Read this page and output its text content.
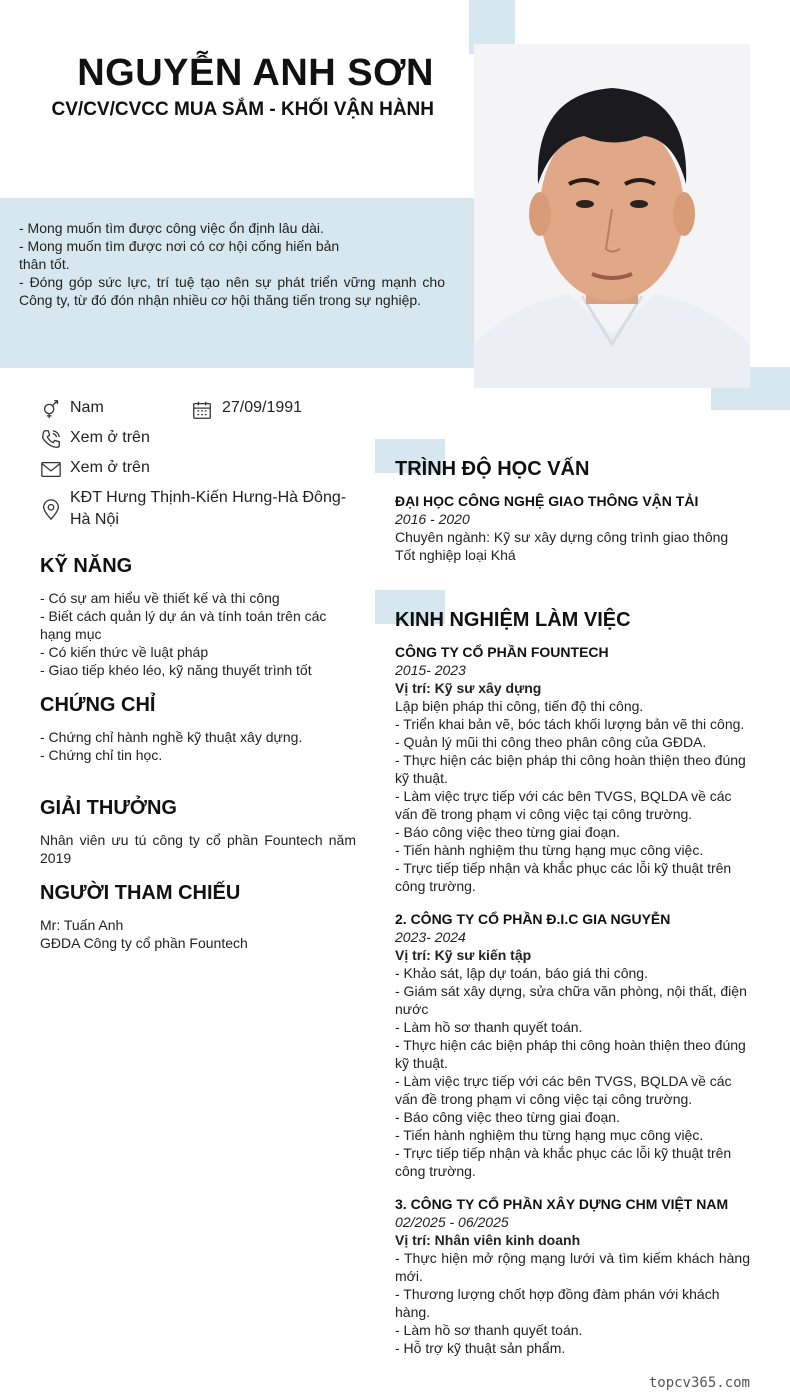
NGUYỄN ANH SƠN
CV/CV/CVCC MUA SẮM - KHỐI VẬN HÀNH

- Mong muốn tìm được công việc ổn định lâu dài.

- Mong muốn tìm được nơi có cơ hội cống hiến bản thân tốt.

- Đóng góp sức lực, trí tuệ tạo nên sự phát triển vững mạnh cho Công ty, từ đó đón nhận nhiều cơ hội thăng tiến trong sự nghiệp.

Nam	27/09/1991
Xem ở trên
Xem ở trên
KĐT Hưng Thịnh-Kiến Hưng-Hà Đông-Hà Nội
KỸ NĂNG
- Có sự am hiểu về thiết kế và thi công
- Biết cách quản lý dự án và tính toán trên các hạng mục
- Có kiến thức về luật pháp
- Giao tiếp khéo léo, kỹ năng thuyết trình tốt
CHỨNG CHỈ
- Chứng chỉ hành nghề kỹ thuật xây dựng.
- Chứng chỉ tin học.
GIẢI THƯỞNG
Nhân viên ưu tú công ty cổ phần Fountech năm 2019
NGƯỜI THAM CHIẾU
Mr: Tuấn Anh
GĐDA Công ty cổ phần Fountech
TRÌNH ĐỘ HỌC VẤN
ĐẠI HỌC CÔNG NGHỆ GIAO THÔNG VẬN TẢI
2016 - 2020
Chuyên ngành: Kỹ sư xây dựng công trình giao thông
Tốt nghiệp loại Khá
KINH NGHIỆM LÀM VIỆC
CÔNG TY CỔ PHẦN FOUNTECH
2015- 2023
Vị trí: Kỹ sư xây dựng
Lập biện pháp thi công, tiến độ thi công.
- Triển khai bản vẽ, bóc tách khối lượng bản vẽ thi công.
- Quản lý mũi thi công theo phân công của GĐDA.
- Thực hiện các biện pháp thi công hoàn thiện theo đúng kỹ thuật.
- Làm việc trực tiếp với các bên TVGS, BQLDA về các vấn đề trong phạm vi công việc tại công trường.
- Báo công việc theo từng giai đoạn.
- Tiến hành nghiệm thu từng hạng mục công việc.
- Trực tiếp tiếp nhận và khắc phục các lỗi kỹ thuật trên công trường.
2. CÔNG TY CỔ PHẦN Đ.I.C GIA NGUYỄN
2023- 2024
Vị trí: Kỹ sư kiến tập
- Khảo sát, lập dự toán, báo giá thi công.
- Giám sát xây dựng, sửa chữa văn phòng, nội thất, điện nước
- Làm hồ sơ thanh quyết toán.
- Thực hiện các biện pháp thi công hoàn thiện theo đúng kỹ thuật.
- Làm việc trực tiếp với các bên TVGS, BQLDA về các vấn đề trong phạm vi công việc tại công trường.
- Báo công việc theo từng giai đoạn.
- Tiến hành nghiệm thu từng hạng mục công việc.
- Trực tiếp tiếp nhận và khắc phục các lỗi kỹ thuật trên công trường.
3. CÔNG TY CỔ PHẦN XÂY DỰNG CHM VIỆT NAM
02/2025 - 06/2025
Vị trí: Nhân viên kinh doanh
- Thực hiện mở rộng mạng lưới và tìm kiếm khách hàng mới.
- Thương lượng chốt hợp đồng đàm phán với khách hàng.
- Làm hồ sơ thanh quyết toán.
- Hỗ trợ kỹ thuật sản phẩm.
topcv365.com
